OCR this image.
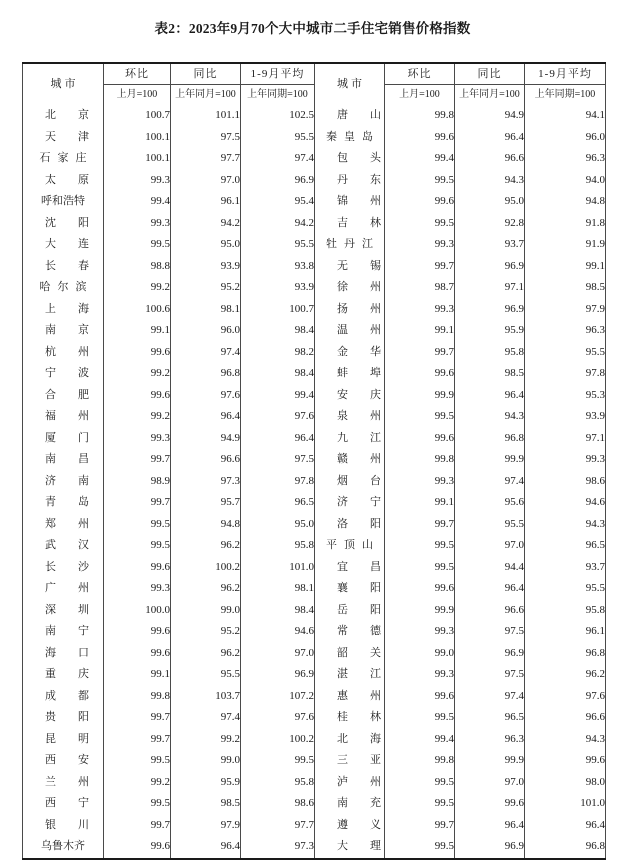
表2：2023年9月70个大中城市二手住宅销售价格指数
城市	环比	同比	1-9月平均	城市	环比	同比	1-9月平均
	上月=100	上年同月=100	上年同期=100		上月=100	上年同月=100	上年同期=100
北京	100.7	101.1	102.5	唐山	99.8	94.9	94.1
天津	100.1	97.5	95.5	秦皇岛	99.6	96.4	96.0
石家庄	100.1	97.7	97.4	包头	99.4	96.6	96.3
太原	99.3	97.0	96.9	丹东	99.5	94.3	94.0
呼和浩特	99.4	96.1	95.4	锦州	99.6	95.0	94.8
沈阳	99.3	94.2	94.2	吉林	99.5	92.8	91.8
大连	99.5	95.0	95.5	牡丹江	99.3	93.7	91.9
长春	98.8	93.9	93.8	无锡	99.7	96.9	99.1
哈尔滨	99.2	95.2	93.9	徐州	98.7	97.1	98.5
上海	100.6	98.1	100.7	扬州	99.3	96.9	97.9
南京	99.1	96.0	98.4	温州	99.1	95.9	96.3
杭州	99.6	97.4	98.2	金华	99.7	95.8	95.5
宁波	99.2	96.8	98.4	蚌埠	99.6	98.5	97.8
合肥	99.6	97.6	99.4	安庆	99.9	96.4	95.3
福州	99.2	96.4	97.6	泉州	99.5	94.3	93.9
厦门	99.3	94.9	96.4	九江	99.6	96.8	97.1
南昌	99.7	96.6	97.5	赣州	99.8	99.9	99.3
济南	98.9	97.3	97.8	烟台	99.3	97.4	98.6
青岛	99.7	95.7	96.5	济宁	99.1	95.6	94.6
郑州	99.5	94.8	95.0	洛阳	99.7	95.5	94.3
武汉	99.5	96.2	95.8	平顶山	99.5	97.0	96.5
长沙	99.6	100.2	101.0	宜昌	99.5	94.4	93.7
广州	99.3	96.2	98.1	襄阳	99.6	96.4	95.5
深圳	100.0	99.0	98.4	岳阳	99.9	96.6	95.8
南宁	99.6	95.2	94.6	常德	99.3	97.5	96.1
海口	99.6	96.2	97.0	韶关	99.0	96.9	96.8
重庆	99.1	95.5	96.9	湛江	99.3	97.5	96.2
成都	99.8	103.7	107.2	惠州	99.6	97.4	97.6
贵阳	99.7	97.4	97.6	桂林	99.5	96.5	96.6
昆明	99.7	99.2	100.2	北海	99.4	96.3	94.3
西安	99.5	99.0	99.5	三亚	99.8	99.9	99.6
兰州	99.2	95.9	95.8	泸州	99.5	97.0	98.0
西宁	99.5	98.5	98.6	南充	99.5	99.6	101.0
银川	99.7	97.9	97.7	遵义	99.7	96.4	96.4
乌鲁木齐	99.6	96.4	97.3	大理	99.5	96.9	96.8
